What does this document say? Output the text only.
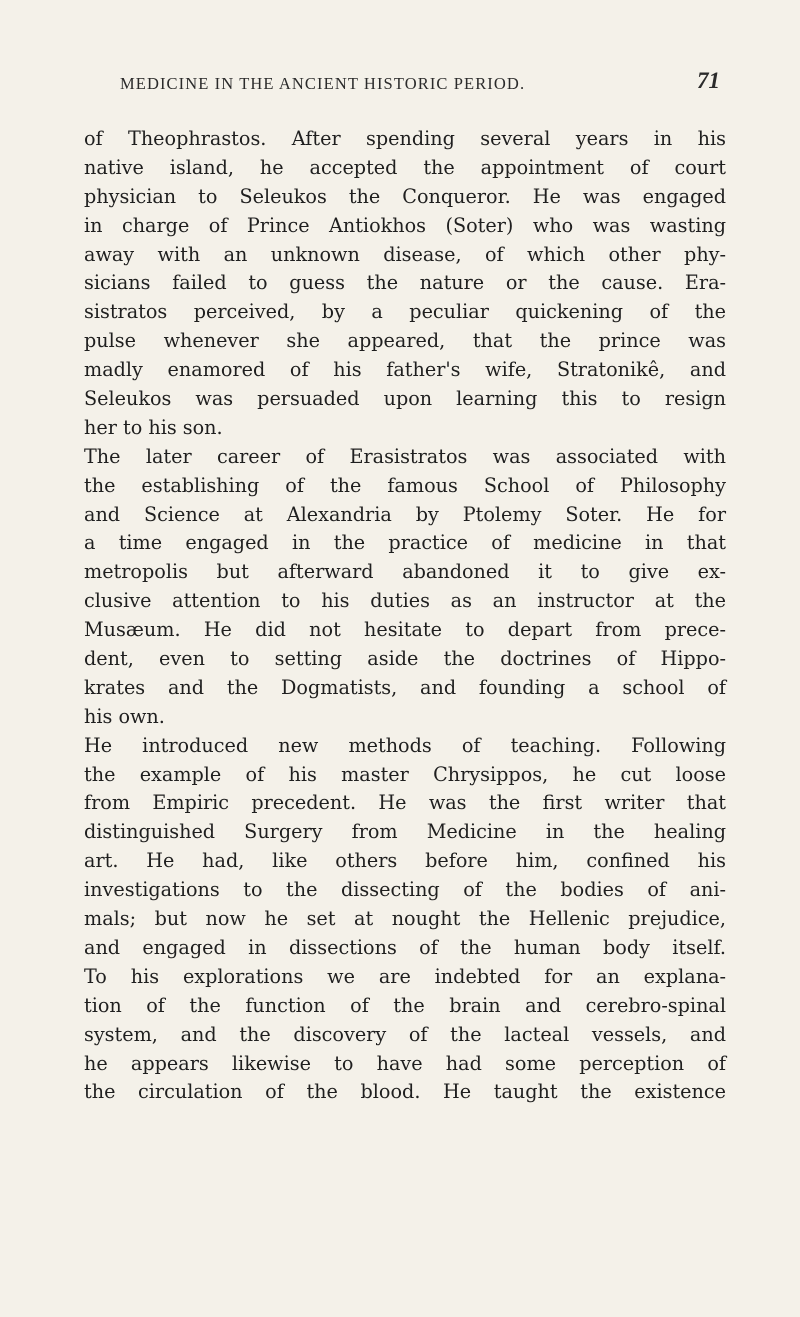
MEDICINE IN THE ANCIENT HISTORIC PERIOD.	71
of Theophrastos. After spending several years in his
native island, he accepted the appointment of court
physician to Seleukos the Conqueror. He was engaged
in charge of Prince Antiokhos (Soter) who was wasting
away with an unknown disease, of which other phy-
sicians failed to guess the nature or the cause. Era-
sistratos perceived, by a peculiar quickening of the
pulse whenever she appeared, that the prince was
madly enamored of his father's wife, Stratonikê, and
Seleukos was persuaded upon learning this to resign
her to his son.
The later career of Erasistratos was associated with
the establishing of the famous School of Philosophy
and Science at Alexandria by Ptolemy Soter. He for
a time engaged in the practice of medicine in that
metropolis but afterward abandoned it to give ex-
clusive attention to his duties as an instructor at the
Musæum. He did not hesitate to depart from prece-
dent, even to setting aside the doctrines of Hippo-
krates and the Dogmatists, and founding a school of
his own.
He introduced new methods of teaching. Following
the example of his master Chrysippos, he cut loose
from Empiric precedent. He was the first writer that
distinguished Surgery from Medicine in the healing
art. He had, like others before him, confined his
investigations to the dissecting of the bodies of ani-
mals; but now he set at nought the Hellenic prejudice,
and engaged in dissections of the human body itself.
To his explorations we are indebted for an explana-
tion of the function of the brain and cerebro-spinal
system, and the discovery of the lacteal vessels, and
he appears likewise to have had some perception of
the circulation of the blood. He taught the existence
